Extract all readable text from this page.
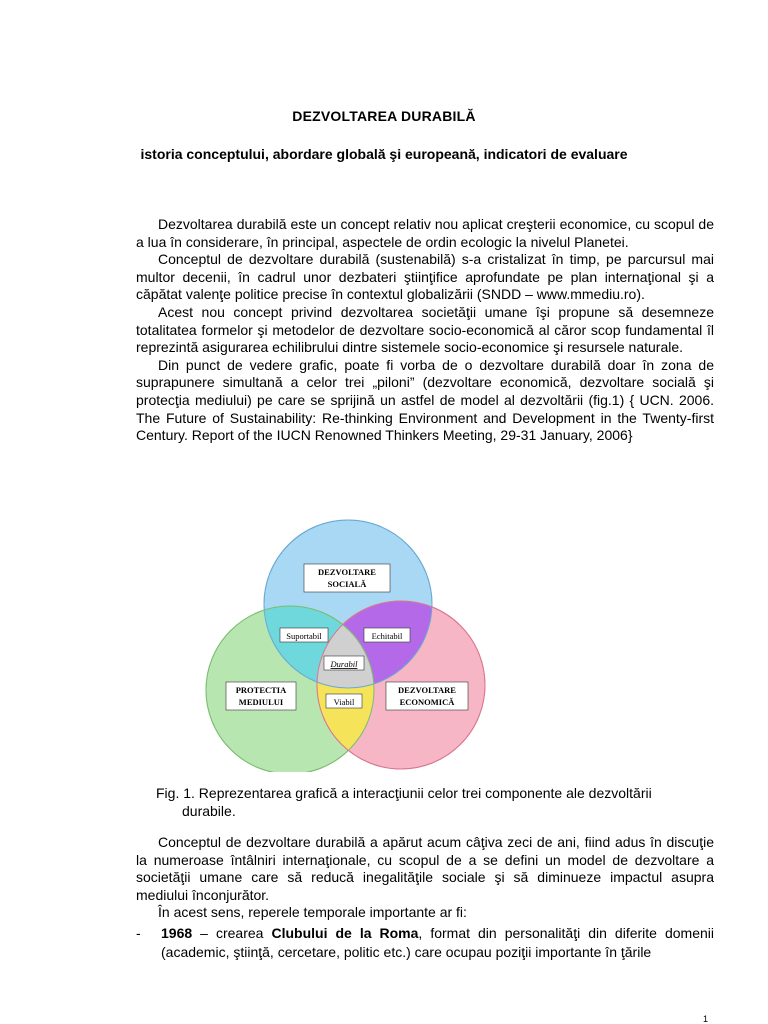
DEZVOLTAREA DURABILĂ
istoria conceptului, abordare globală şi europeană, indicatori de evaluare

Dezvoltarea durabilă este un concept relativ nou aplicat creşterii economice, cu scopul de a lua în considerare, în principal, aspectele de ordin ecologic la nivelul Planetei.

Conceptul de dezvoltare durabilă (sustenabilă) s-a cristalizat în timp, pe parcursul mai multor decenii, în cadrul unor dezbateri ştiinţifice aprofundate pe plan internaţional şi a căpătat valenţe politice precise în contextul globalizării (SNDD – www.mmediu.ro).

Acest nou concept privind dezvoltarea societăţii umane îşi propune să desemneze totalitatea formelor şi metodelor de dezvoltare socio-economică al căror scop fundamental îl reprezintă asigurarea echilibrului dintre sistemele socio-economice şi resursele naturale.

Din punct de vedere grafic, poate fi vorba de o dezvoltare durabilă doar în zona de suprapunere simultană a celor trei „piloni” (dezvoltare economică, dezvoltare socială şi protecţia mediului) pe care se sprijină un astfel de model al dezvoltării (fig.1) { UCN. 2006. The Future of Sustainability: Re-thinking Environment and Development in the Twenty-first Century. Report of the IUCN Renowned Thinkers Meeting, 29-31 January, 2006}

DEZVOLTARE
SOCIALĂ
PROTECTIA
MEDIULUI
DEZVOLTARE
ECONOMICĂ
Suportabil	Echitabil
Durabil
Viabil
Fig. 1. Reprezentarea grafică a interacţiunii celor trei componente ale dezvoltării
durabile.

Conceptul de dezvoltare durabilă a apărut acum câţiva zeci de ani, fiind adus în discuţie la numeroase întâlniri internaţionale, cu scopul de a se defini un model de dezvoltare a societăţii umane care să reducă inegalităţile sociale şi să diminueze impactul asupra mediului înconjurător.

În acest sens, reperele temporale importante ar fi:

- 1968 – crearea Clubului de la Roma, format din personalităţi din diferite domenii (academic, ştiinţă, cercetare, politic etc.) care ocupau poziţii importante în ţările
1
